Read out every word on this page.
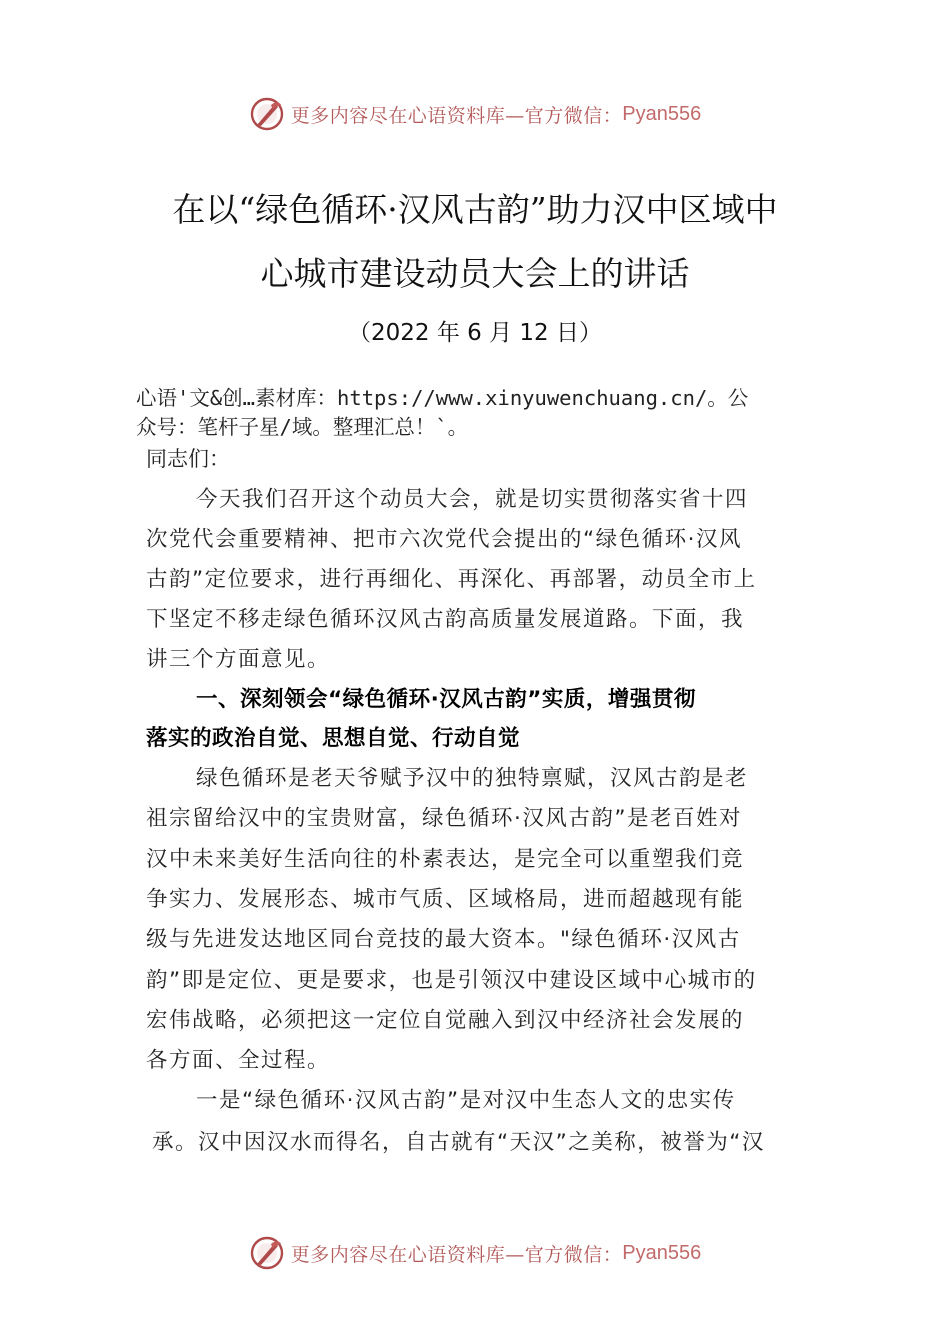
更多内容尽在心语资料库—官方微信： Pyan556
在以“绿色循环·汉风古韵”助力汉中区域中
心城市建设动员大会上的讲话
（2022 年 6 月 12 日）
心语'文&创…素材库：https://www.xinyuwenchuang.cn/。公
众号：笔杆子星/域。整理汇总！`。
同志们：
今天我们召开这个动员大会，就是切实贯彻落实省十四
次党代会重要精神、把市六次党代会提出的“绿色循环·汉风
古韵”定位要求，进行再细化、再深化、再部署，动员全市上
下坚定不移走绿色循环汉风古韵高质量发展道路。下面，我
讲三个方面意见。
一、深刻领会“绿色循环·汉风古韵”实质，增强贯彻
落实的政治自觉、思想自觉、行动自觉
绿色循环是老天爷赋予汉中的独特禀赋，汉风古韵是老
祖宗留给汉中的宝贵财富，绿色循环·汉风古韵”是老百姓对
汉中未来美好生活向往的朴素表达，是完全可以重塑我们竞
争实力、发展形态、城市气质、区域格局，进而超越现有能
级与先进发达地区同台竞技的最大资本。"绿色循环·汉风古
韵”即是定位、更是要求，也是引领汉中建设区域中心城市的
宏伟战略，必须把这一定位自觉融入到汉中经济社会发展的
各方面、全过程。
一是“绿色循环·汉风古韵”是对汉中生态人文的忠实传
承。汉中因汉水而得名，自古就有“天汉”之美称，被誉为“汉
更多内容尽在心语资料库—官方微信： Pyan556
